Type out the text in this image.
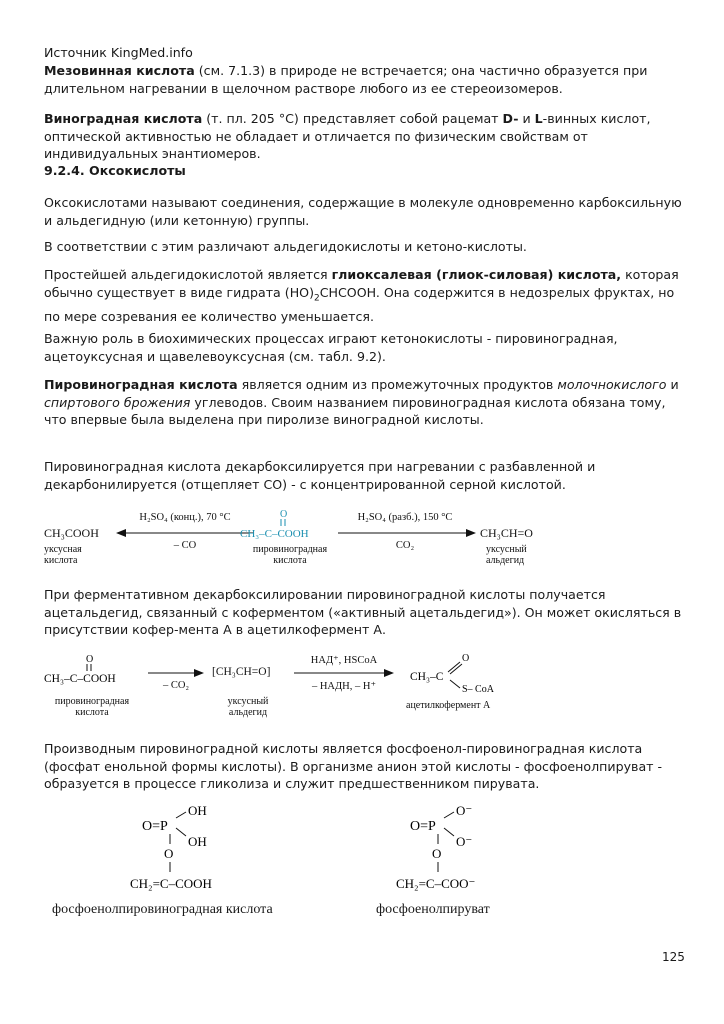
Источник KingMed.info

Мезовинная кислота (см. 7.1.3) в природе не встречается; она частично образуется при длительном нагревании в щелочном растворе любого из ее стереоизомеров.

Виноградная кислота (т. пл. 205 °С) представляет собой рацемат D- и L-винных кислот, оптической активностью не обладает и отличается по физическим свойствам от индивидуальных энантиомеров.

9.2.4. Оксокислоты

Оксокислотами называют соединения, содержащие в молекуле одновременно карбоксильную и альдегидную (или кетонную) группы.

В соответствии с этим различают альдегидокислоты и кетоно-кислоты.

Простейшей альдегидокислотой является глиоксалевая (глиок-силовая) кислота, которая обычно существует в виде гидрата $(HO)_2CHCOOH$. Она содержится в недозрелых фруктах, но по мере созревания ее количество уменьшается.

Важную роль в биохимических процессах играют кетонокислоты - пировиноградная, ацетоуксусная и щавелевоуксусная (см. табл. 9.2).

Пировиноградная кислота является одним из промежуточных продуктов молочнокислого и спиртового брожения углеводов. Своим названием пировиноградная кислота обязана тому, что впервые была выделена при пиролизе виноградной кислоты.

Пировиноградная кислота декарбоксилируется при нагревании с разбавленной и декарбонилируется (отщепляет CO) - с концентрированной серной кислотой.

CH₃COOH
уксусная
кислота
H₂SO₄ (конц.), 70 °C
– CO
O
CH₃–C–COOH
пировиноградная
кислота
H₂SO₄ (разб.), 150 °C
CO₂
CH₃CH=O
уксусный
альдегид

При ферментативном декарбоксилировании пировиноградной кислоты получается ацетальдегид, связанный с коферментом («активный ацетальдегид»). Он может окисляться в присутствии кофер-мента А в ацетилкофермент А.

O
CH₃–C–COOH
пировиноградная
кислота
– CO₂
[CH₃CH=O]
уксусный
альдегид
НАД⁺, HSCoA
– НАДН, – H⁺
CH₃–C
O
S– CoA
ацетилкофермент А

Производным пировиноградной кислоты является фосфоенол-пировиноградная кислота (фосфат енольной формы кислоты). В организме анион этой кислоты - фосфоенолпируват - образуется в процессе гликолиза и служит предшественником пирувата.

O=P
OH
OH
O
CH₂=C–COOH
фосфоенолпировиноградная кислота
O=P
O⁻
O⁻
O
CH₂=C–COO⁻
фосфоенолпируват
125
